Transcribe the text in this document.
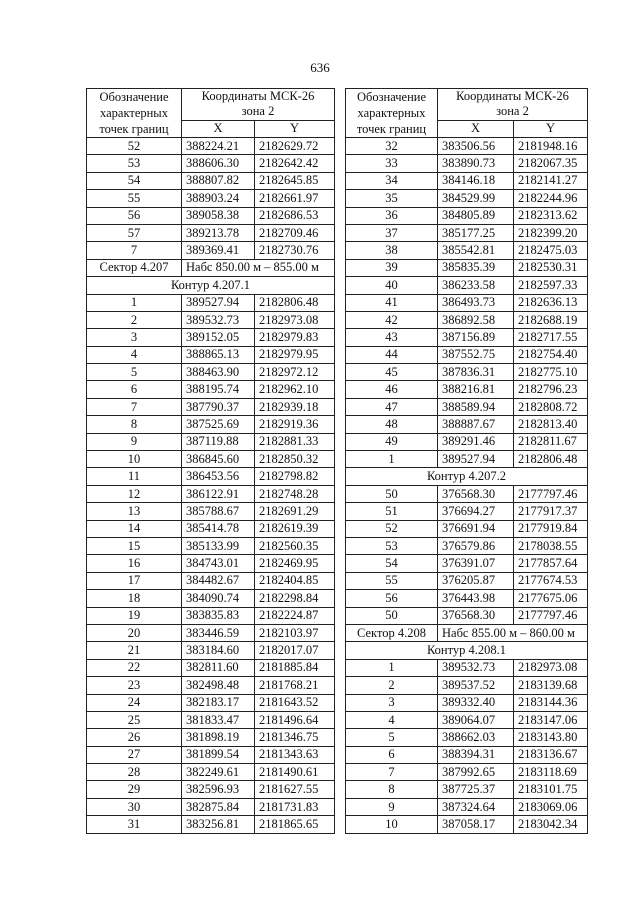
636
Обозначение
характерных
точек границ	Координаты МСК-26
зона 2	
	X	Y
52	388224.21	2182629.72
53	388606.30	2182642.42
54	388807.82	2182645.85
55	388903.24	2182661.97
56	389058.38	2182686.53
57	389213.78	2182709.46
7	389369.41	2182730.76
Сектор 4.207	Набс 850.00 м – 855.00 м	
Контур 4.207.1		
1	389527.94	2182806.48
2	389532.73	2182973.08
3	389152.05	2182979.83
4	388865.13	2182979.95
5	388463.90	2182972.12
6	388195.74	2182962.10
7	387790.37	2182939.18
8	387525.69	2182919.36
9	387119.88	2182881.33
10	386845.60	2182850.32
11	386453.56	2182798.82
12	386122.91	2182748.28
13	385788.67	2182691.29
14	385414.78	2182619.39
15	385133.99	2182560.35
16	384743.01	2182469.95
17	384482.67	2182404.85
18	384090.74	2182298.84
19	383835.83	2182224.87
20	383446.59	2182103.97
21	383184.60	2182017.07
22	382811.60	2181885.84
23	382498.48	2181768.21
24	382183.17	2181643.52
25	381833.47	2181496.64
26	381898.19	2181346.75
27	381899.54	2181343.63
28	382249.61	2181490.61
29	382596.93	2181627.55
30	382875.84	2181731.83
31	383256.81	2181865.65
Обозначение
характерных
точек границ	Координаты МСК-26
зона 2	
	X	Y
32	383506.56	2181948.16
33	383890.73	2182067.35
34	384146.18	2182141.27
35	384529.99	2182244.96
36	384805.89	2182313.62
37	385177.25	2182399.20
38	385542.81	2182475.03
39	385835.39	2182530.31
40	386233.58	2182597.33
41	386493.73	2182636.13
42	386892.58	2182688.19
43	387156.89	2182717.55
44	387552.75	2182754.40
45	387836.31	2182775.10
46	388216.81	2182796.23
47	388589.94	2182808.72
48	388887.67	2182813.40
49	389291.46	2182811.67
1	389527.94	2182806.48
Контур 4.207.2		
50	376568.30	2177797.46
51	376694.27	2177917.37
52	376691.94	2177919.84
53	376579.86	2178038.55
54	376391.07	2177857.64
55	376205.87	2177674.53
56	376443.98	2177675.06
50	376568.30	2177797.46
Сектор 4.208	Набс 855.00 м – 860.00 м	
Контур 4.208.1		
1	389532.73	2182973.08
2	389537.52	2183139.68
3	389332.40	2183144.36
4	389064.07	2183147.06
5	388662.03	2183143.80
6	388394.31	2183136.67
7	387992.65	2183118.69
8	387725.37	2183101.75
9	387324.64	2183069.06
10	387058.17	2183042.34
